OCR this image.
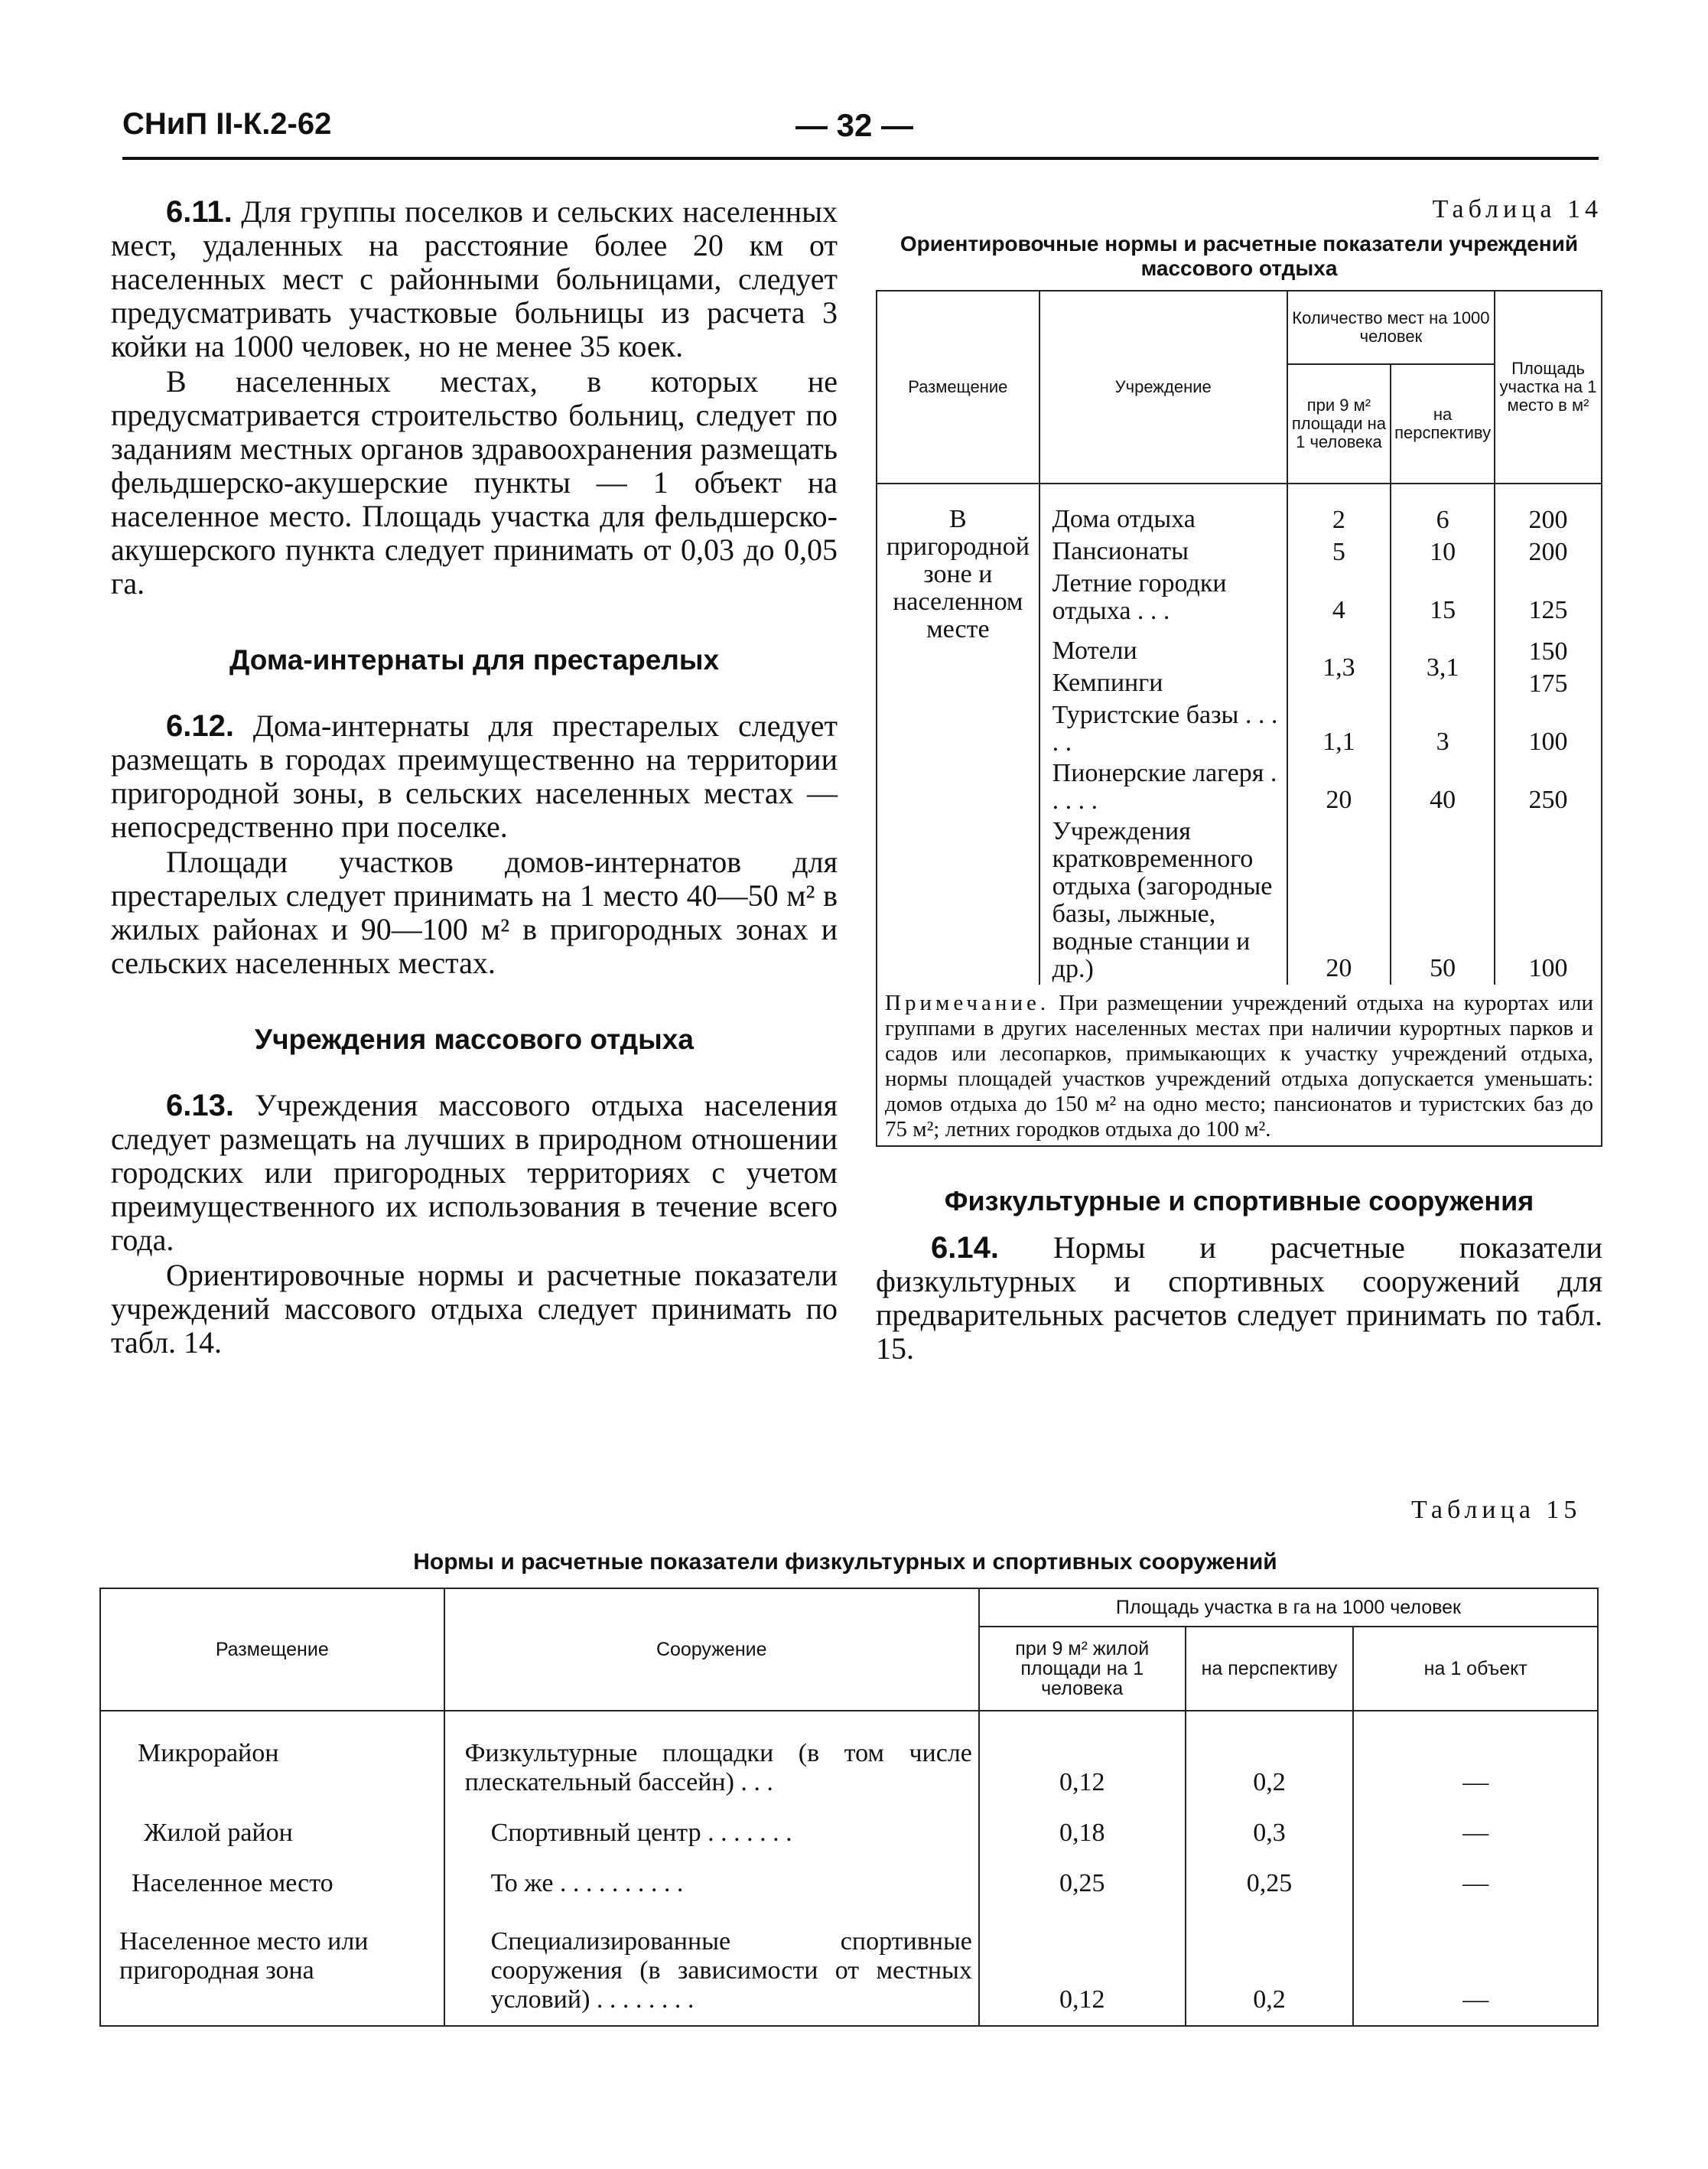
СНиП II-К.2-62	— 32 —

6.11. Для группы поселков и сельских населенных мест, удаленных на расстояние более 20 км от населенных мест с районными больницами, следует предусматривать участковые больницы из расчета 3 койки на 1000 человек, но не менее 35 коек.

В населенных местах, в которых не предусматривается строительство больниц, следует по заданиям местных органов здравоохранения размещать фельдшерско-акушерские пункты — 1 объект на населенное место. Площадь участка для фельдшерско-акушерского пункта следует принимать от 0,03 до 0,05 га.

Дома-интернаты для престарелых

6.12. Дома-интернаты для престарелых следует размещать в городах преимущественно на территории пригородной зоны, в сельских населенных местах — непосредственно при поселке.

Площади участков домов-интернатов для престарелых следует принимать на 1 место 40—50 м² в жилых районах и 90—100 м² в пригородных зонах и сельских населенных местах.

Учреждения массового отдыха

6.13. Учреждения массового отдыха населения следует размещать на лучших в природном отношении городских или пригородных территориях с учетом преимущественного их использования в течение всего года.

Ориентировочные нормы и расчетные показатели учреждений массового отдыха следует принимать по табл. 14.

Таблица 14
Ориентировочные нормы и расчетные показатели учреждений массового отдыха
Размещение	Учреждение	Количество мест на 1000 человек		Площадь участка на 1 место в м²
		при 9 м² площади на 1 человека	на перспективу	
В пригородной зоне и населенном месте	Дома отдыха	2	6	200
	Пансионаты	5	10	200
	Летние городки отдыха . . .	4	15	125
	Мотели	1,3	3,1	150
	Кемпинги			175
	Туристские базы . . . . .	1,1	3	100
	Пионерские лагеря . . . . .	20	40	250
	Учреждения кратковременного отдыха (загородные базы, лыжные, водные станции и др.)	20	50	100
Примечание. При размещении учреждений отдыха на курортах или группами в других населенных местах при наличии курортных парков и садов или лесопарков, примыкающих к участку учреждений отдыха, нормы площадей участков учреждений отдыха допускается уменьшать: домов отдыха до 150 м² на одно место; пансионатов и туристских баз до 75 м²; летних городков отдыха до 100 м².
Физкультурные и спортивные сооружения

6.14. Нормы и расчетные показатели физкультурных и спортивных сооружений для предварительных расчетов следует принимать по табл. 15.

Таблица 15
Нормы и расчетные показатели физкультурных и спортивных сооружений
Размещение	Сооружение	Площадь участка в га на 1000 человек		
		при 9 м² жилой площади на 1 человека	на перспективу	на 1 объект
Микрорайон	Физкультурные площадки (в том числе плескательный бассейн) . . .	0,12	0,2	—
Жилой район	Спортивный центр . . . . . . .	0,18	0,3	—
Населенное место	То же . . . . . . . . . .	0,25	0,25	—
Населенное место или пригородная зона	Специализированные спортивные сооружения (в зависимости от местных условий) . . . . . . . .	0,12	0,2	—
